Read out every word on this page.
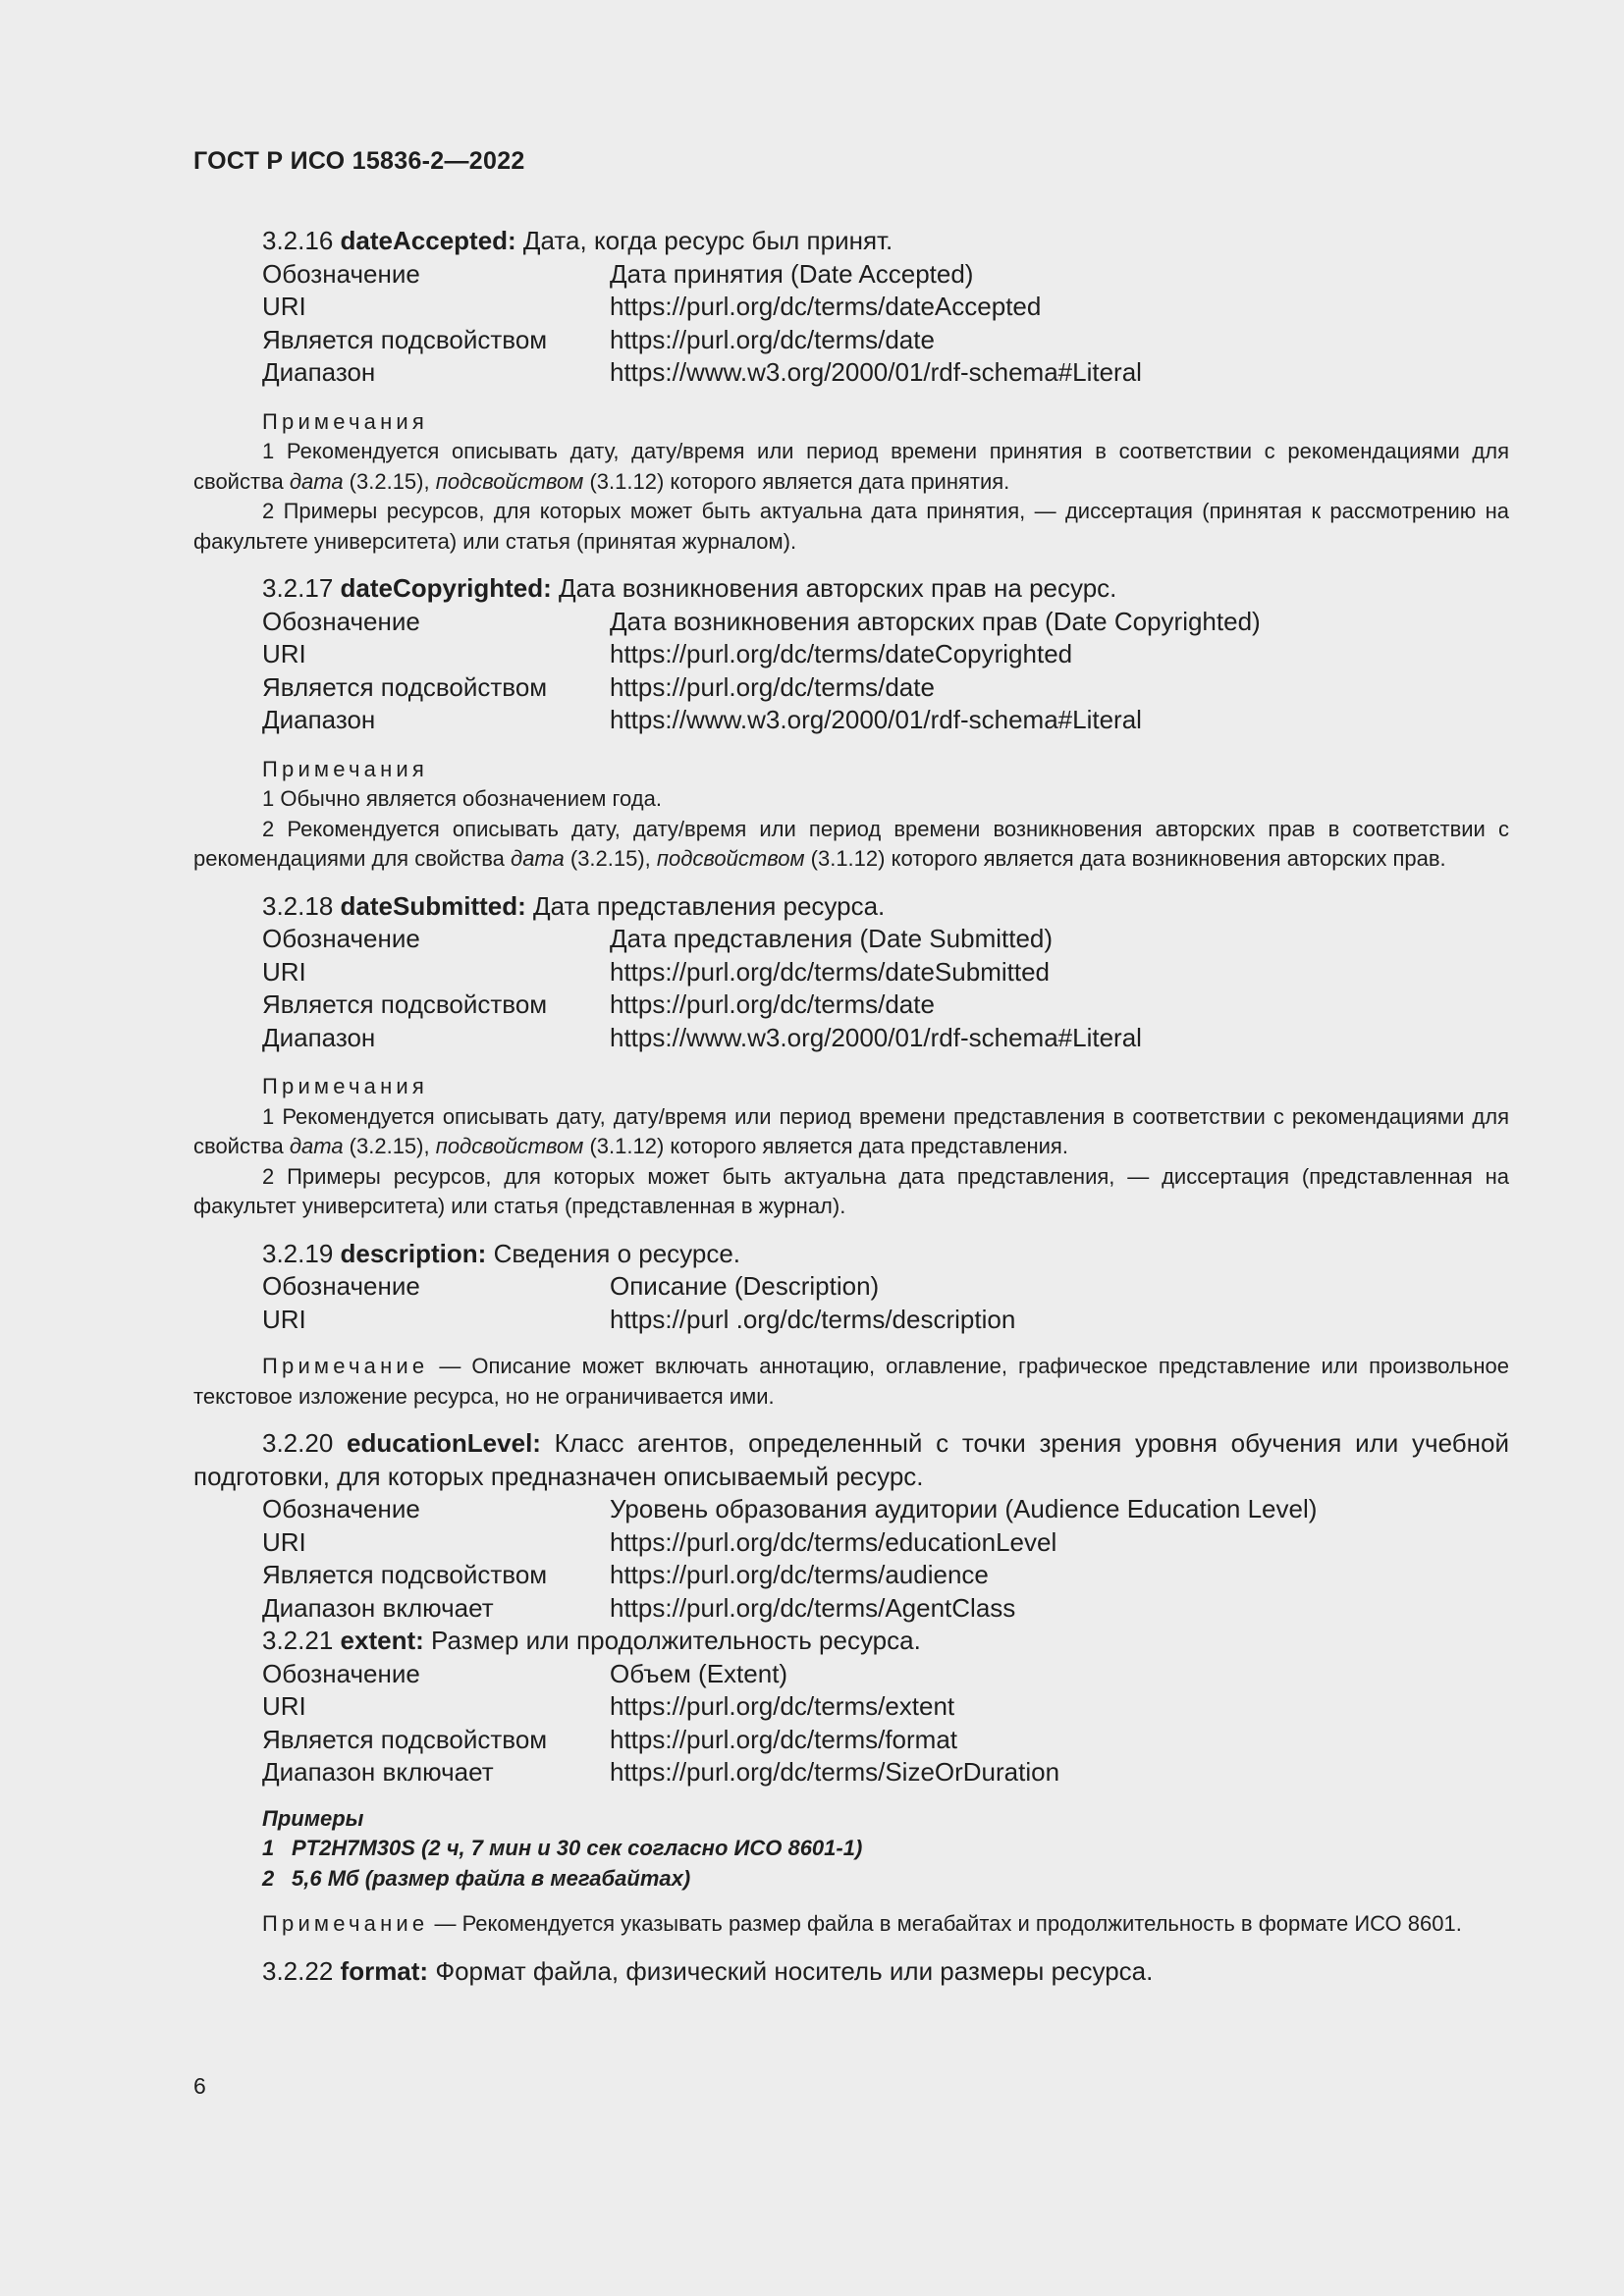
ГОСТ Р ИСО 15836-2—2022

3.2.16 dateAccepted: Дата, когда ресурс был принят.

Обозначение	Дата принятия (Date Accepted)
URI	https://purl.org/dc/terms/dateAccepted
Является подсвойством	https://purl.org/dc/terms/date
Диапазон	https://www.w3.org/2000/01/rdf-schema#Literal
Примечания
1 Рекомендуется описывать дату, дату/время или период времени принятия в соответствии с рекомендациями для свойства дата (3.2.15), подсвойством (3.1.12) которого является дата принятия.
2 Примеры ресурсов, для которых может быть актуальна дата принятия, — диссертация (принятая к рассмотрению на факультете университета) или статья (принятая журналом).

3.2.17 dateCopyrighted: Дата возникновения авторских прав на ресурс.

Обозначение	Дата возникновения авторских прав (Date Copyrighted)
URI	https://purl.org/dc/terms/dateCopyrighted
Является подсвойством	https://purl.org/dc/terms/date
Диапазон	https://www.w3.org/2000/01/rdf-schema#Literal
Примечания
1 Обычно является обозначением года.
2 Рекомендуется описывать дату, дату/время или период времени возникновения авторских прав в соответствии с рекомендациями для свойства дата (3.2.15), подсвойством (3.1.12) которого является дата возникновения авторских прав.

3.2.18 dateSubmitted: Дата представления ресурса.

Обозначение	Дата представления (Date Submitted)
URI	https://purl.org/dc/terms/dateSubmitted
Является подсвойством	https://purl.org/dc/terms/date
Диапазон	https://www.w3.org/2000/01/rdf-schema#Literal
Примечания
1 Рекомендуется описывать дату, дату/время или период времени представления в соответствии с рекомендациями для свойства дата (3.2.15), подсвойством (3.1.12) которого является дата представления.
2 Примеры ресурсов, для которых может быть актуальна дата представления, — диссертация (представленная на факультет университета) или статья (представленная в журнал).

3.2.19 description: Сведения о ресурсе.

Обозначение	Описание (Description)
URI	https://purl .org/dc/terms/description
Примечание — Описание может включать аннотацию, оглавление, графическое представление или произвольное текстовое изложение ресурса, но не ограничивается ими.

3.2.20 educationLevel: Класс агентов, определенный с точки зрения уровня обучения или учебной подготовки, для которых предназначен описываемый ресурс.

Обозначение	Уровень образования аудитории (Audience Education Level)
URI	https://purl.org/dc/terms/educationLevel
Является подсвойством	https://purl.org/dc/terms/audience
Диапазон включает	https://purl.org/dc/terms/AgentClass

3.2.21 extent: Размер или продолжительность ресурса.

Обозначение	Объем (Extent)
URI	https://purl.org/dc/terms/extent
Является подсвойством	https://purl.org/dc/terms/format
Диапазон включает	https://purl.org/dc/terms/SizeOrDuration
Примеры
1 PT2H7M30S (2 ч, 7 мин и 30 сек согласно ИСО 8601-1)
2 5,6 Мб (размер файла в мегабайтах)
Примечание — Рекомендуется указывать размер файла в мегабайтах и продолжительность в формате ИСО 8601.

3.2.22 format: Формат файла, физический носитель или размеры ресурса.

6
